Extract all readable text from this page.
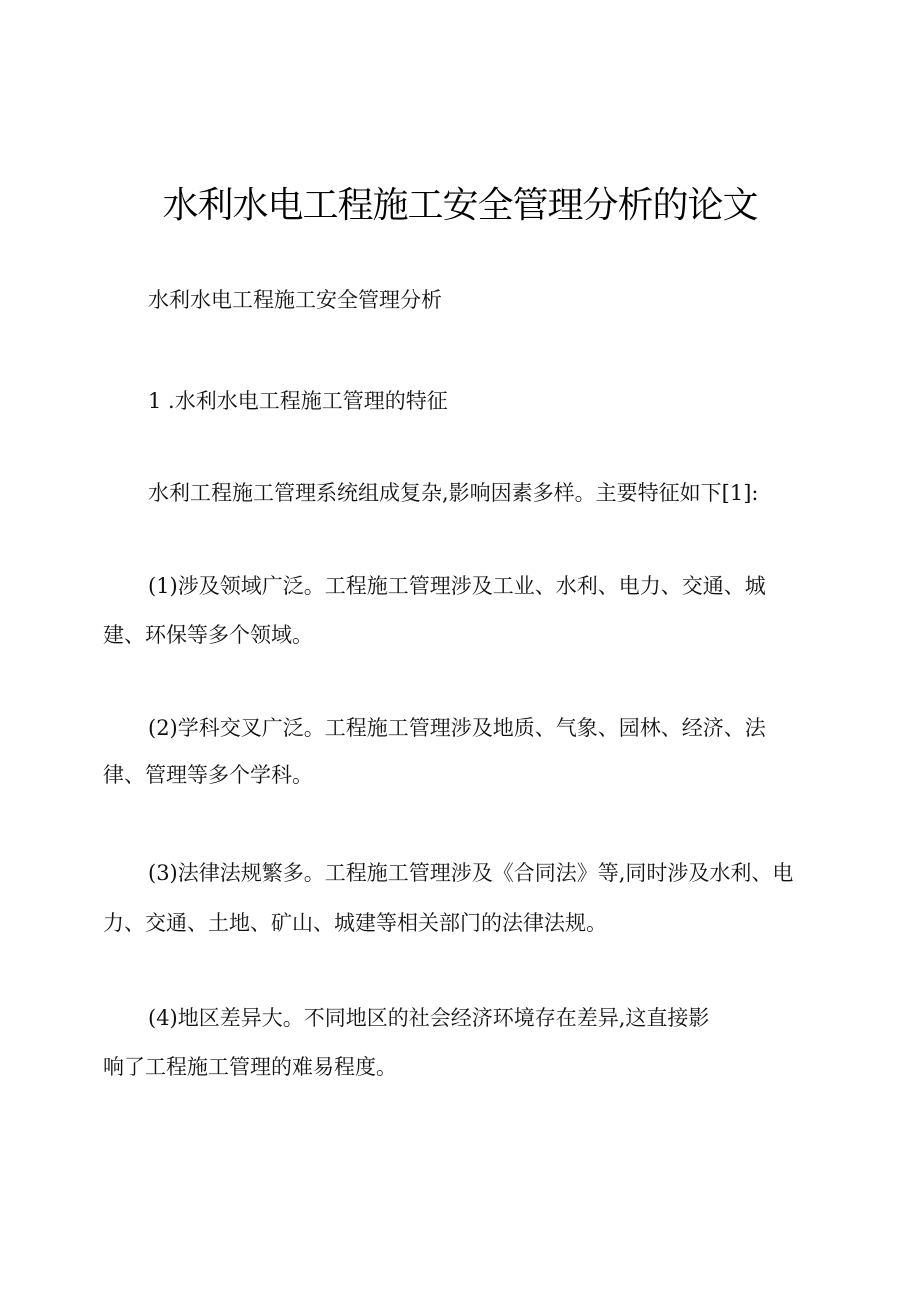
水利水电工程施工安全管理分析的论文
水利水电工程施工安全管理分析
1 .水利水电工程施工管理的特征
水利工程施工管理系统组成复杂,影响因素多样。主要特征如下[1]:
(1)涉及领域广泛。工程施工管理涉及工业、水利、电力、交通、城
建、环保等多个领域。
(2)学科交叉广泛。工程施工管理涉及地质、气象、园林、经济、法
律、管理等多个学科。
(3)法律法规繁多。工程施工管理涉及《合同法》等,同时涉及水利、电
力、交通、土地、矿山、城建等相关部门的法律法规。
(4)地区差异大。不同地区的社会经济环境存在差异,这直接影
响了工程施工管理的难易程度。
